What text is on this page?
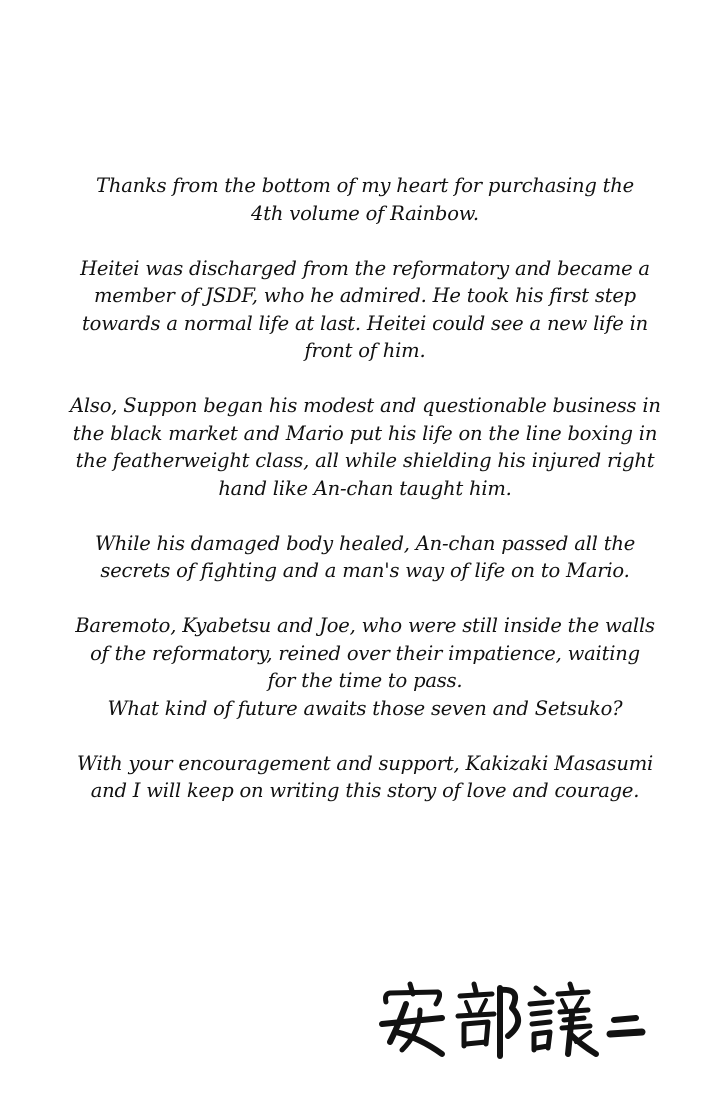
Thanks from the bottom of my heart for purchasing the
4th volume of Rainbow.

Heitei was discharged from the reformatory and became a
member of JSDF, who he admired. He took his first step
towards a normal life at last. Heitei could see a new life in
front of him.

Also, Suppon began his modest and questionable business in
the black market and Mario put his life on the line boxing in
the featherweight class, all while shielding his injured right
hand like An-chan taught him.

While his damaged body healed, An-chan passed all the
secrets of fighting and a man's way of life on to Mario.

Baremoto, Kyabetsu and Joe, who were still inside the walls
of the reformatory, reined over their impatience, waiting
for the time to pass.
What kind of future awaits those seven and Setsuko?

With your encouragement and support, Kakizaki Masasumi
and I will keep on writing this story of love and courage.
